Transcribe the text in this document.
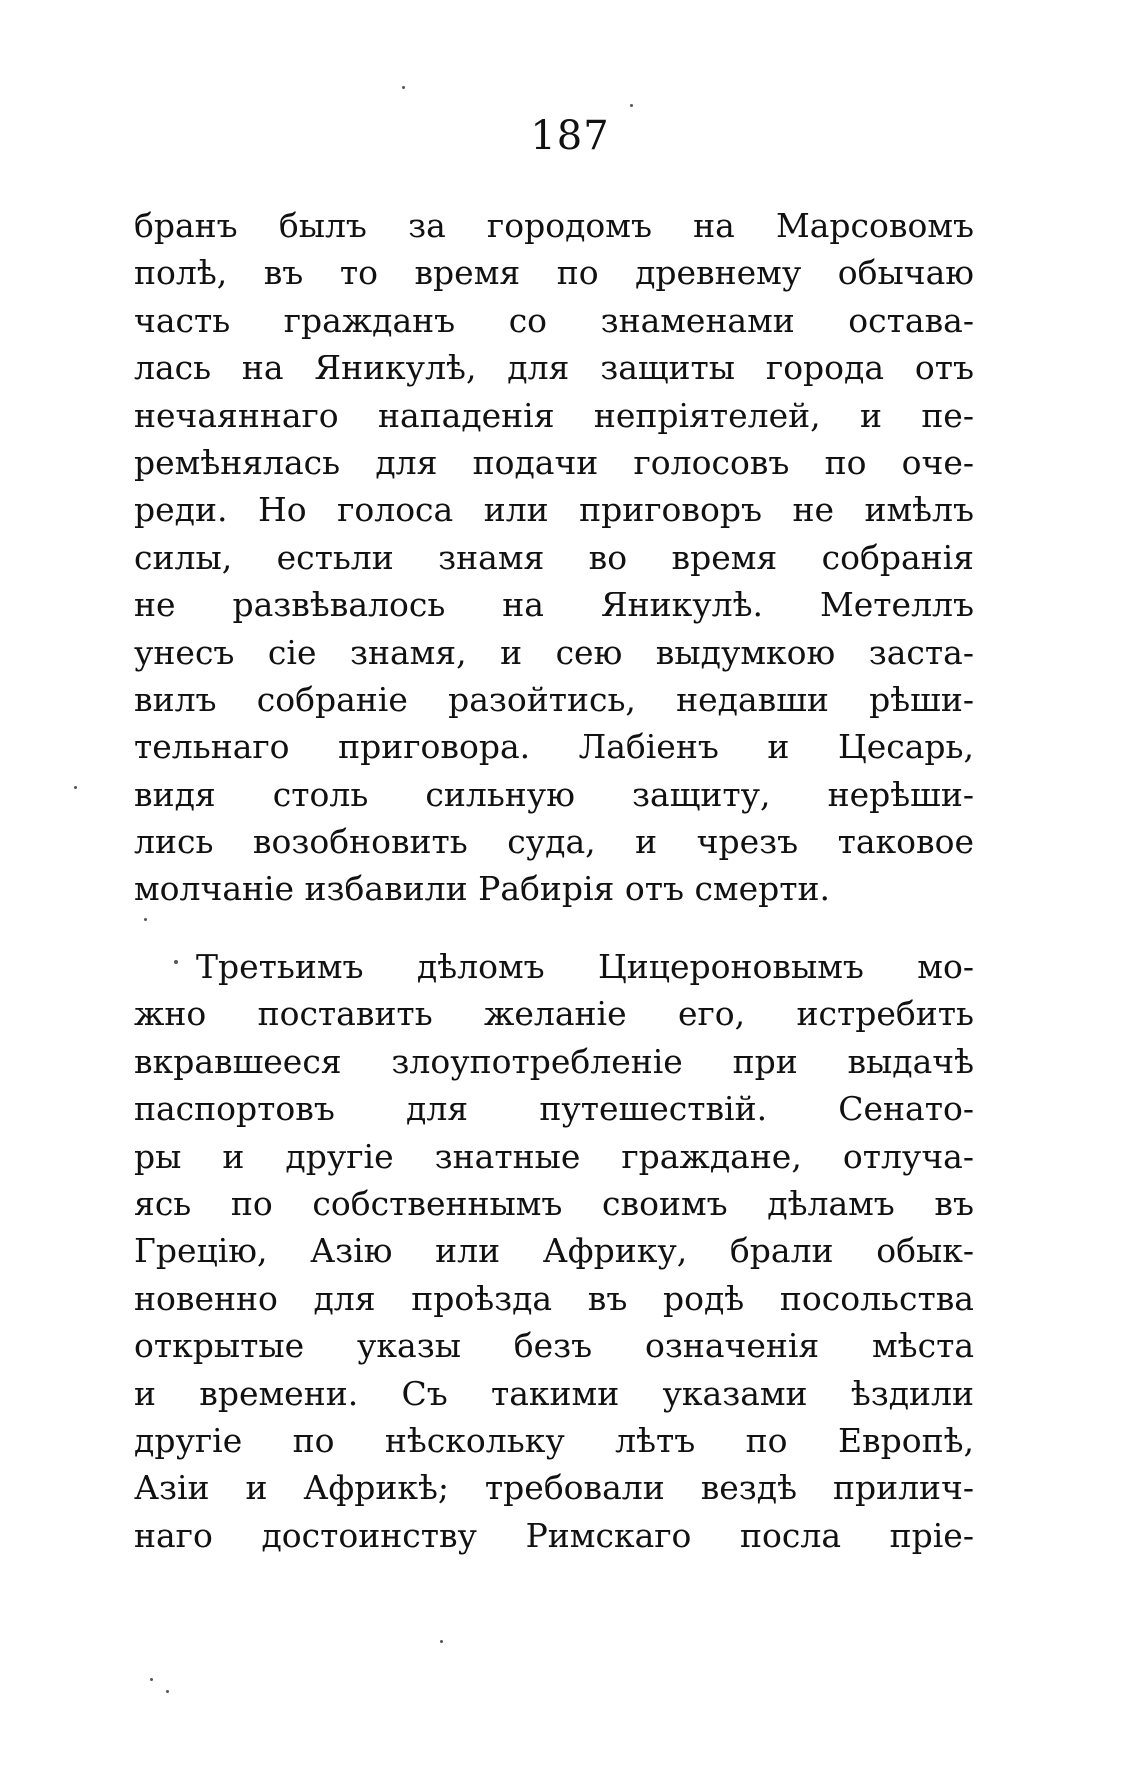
187
бранъ былъ за городомъ на Марсовомъ
полѣ, въ то время по древнему обычаю
часть гражданъ со знаменами оставa-
лась на Яникулѣ, для защиты города отъ
нечаяннаго нападенія непріятелей, и пе-
ремѣнялась для подачи голосовъ по оче-
реди. Но голоса или приговоръ не имѣлъ
силы, естьли знамя во время собранія
не развѣвалось на Яникулѣ. Метеллъ
унесъ сіе знамя, и сею выдумкою заста-
вилъ собраніе разойтись, недавши рѣши-
тельнаго приговора. Лабіенъ и Цесарь,
видя столь сильную защиту, нерѣши-
лись возобновить суда, и чрезъ таковое
молчаніе избавили Рабирія отъ смерти.
Третьимъ дѣломъ Цицероновымъ мо-
жно поставить желаніе его, истребить
вкравшееся злоупотребленіе при выдачѣ
паспортовъ для путешествій. Сенато-
ры и другіе знатные граждане, отлуча-
ясь по собственнымъ своимъ дѣламъ въ
Грецію, Азію или Африку, брали обык-
новенно для проѣзда въ родѣ посольства
открытые указы безъ означенія мѣста
и времени. Съ такими указами ѣздили
другіе по нѣскольку лѣтъ по Европѣ,
Азіи и Африкѣ; требовали вездѣ прилич-
наго достоинству Римскаго посла пріе-
